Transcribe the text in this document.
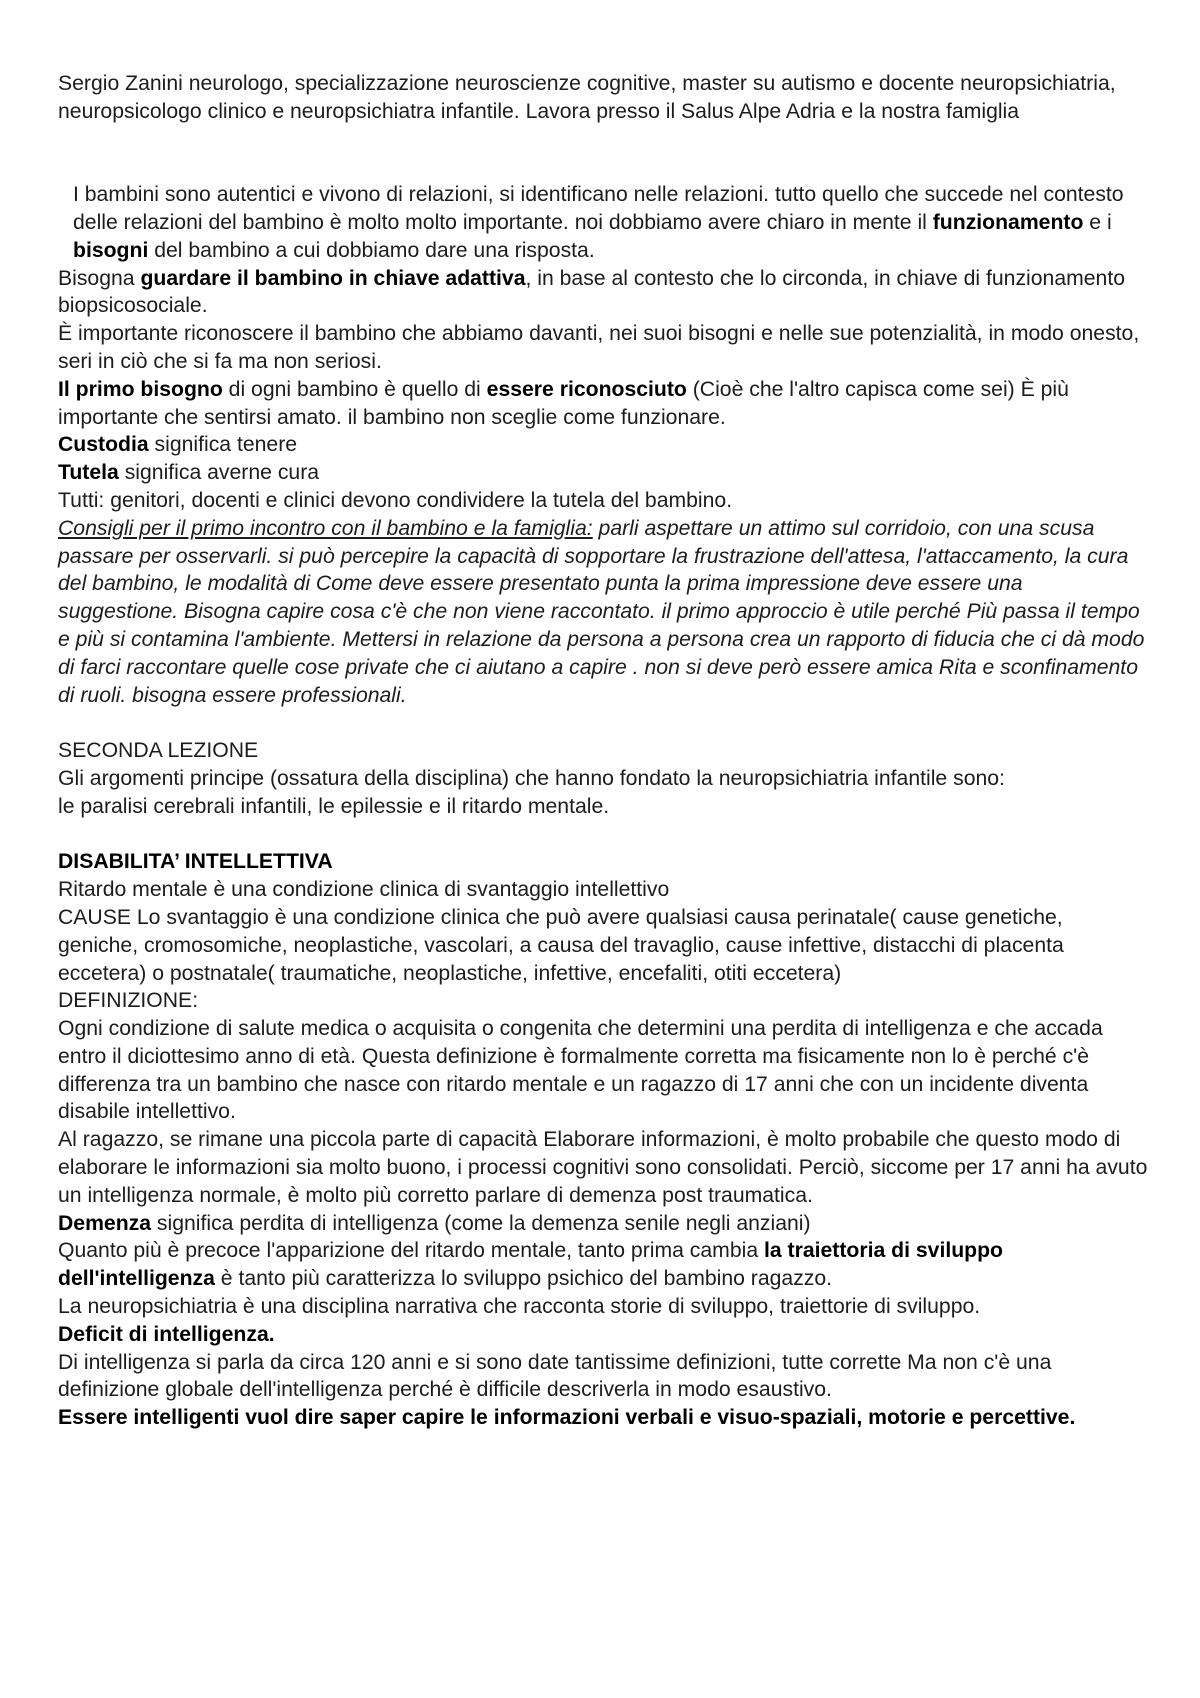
Sergio Zanini neurologo, specializzazione neuroscienze cognitive, master su autismo e docente neuropsichiatria, neuropsicologo clinico e neuropsichiatra infantile. Lavora presso il Salus Alpe Adria e la nostra famiglia

I bambini sono autentici e vivono di relazioni, si identificano nelle relazioni. tutto quello che succede nel contesto delle relazioni del bambino è molto molto importante. noi dobbiamo avere chiaro in mente il funzionamento e i bisogni del bambino a cui dobbiamo dare una risposta.

Bisogna guardare il bambino in chiave adattiva, in base al contesto che lo circonda, in chiave di funzionamento biopsicosociale.

È importante riconoscere il bambino che abbiamo davanti, nei suoi bisogni e nelle sue potenzialità, in modo onesto, seri in ciò che si fa ma non seriosi.

Il primo bisogno di ogni bambino è quello di essere riconosciuto (Cioè che l'altro capisca come sei) È più importante che sentirsi amato. il bambino non sceglie come funzionare.

Custodia significa tenere

Tutela significa averne cura

Tutti: genitori, docenti e clinici devono condividere la tutela del bambino.

Consigli per il primo incontro con il bambino e la famiglia: parli aspettare un attimo sul corridoio, con una scusa passare per osservarli. si può percepire la capacità di sopportare la frustrazione dell'attesa, l'attaccamento, la cura del bambino, le modalità di Come deve essere presentato punta la prima impressione deve essere una suggestione. Bisogna capire cosa c'è che non viene raccontato. il primo approccio è utile perché Più passa il tempo e più si contamina l'ambiente. Mettersi in relazione da persona a persona crea un rapporto di fiducia che ci dà modo di farci raccontare quelle cose private che ci aiutano a capire . non si deve però essere amica Rita e sconfinamento di ruoli. bisogna essere professionali.

SECONDA LEZIONE

Gli argomenti principe (ossatura della disciplina) che hanno fondato la neuropsichiatria infantile sono:

le paralisi cerebrali infantili, le epilessie e il ritardo mentale.

DISABILITA’ INTELLETTIVA

Ritardo mentale è una condizione clinica di svantaggio intellettivo

CAUSE Lo svantaggio è una condizione clinica che può avere qualsiasi causa perinatale( cause genetiche, geniche, cromosomiche, neoplastiche, vascolari, a causa del travaglio, cause infettive, distacchi di placenta eccetera) o postnatale( traumatiche, neoplastiche, infettive, encefaliti, otiti eccetera)

DEFINIZIONE:

Ogni condizione di salute medica o acquisita o congenita che determini una perdita di intelligenza e che accada entro il diciottesimo anno di età. Questa definizione è formalmente corretta ma fisicamente non lo è perché c'è differenza tra un bambino che nasce con ritardo mentale e un ragazzo di 17 anni che con un incidente diventa disabile intellettivo.

Al ragazzo, se rimane una piccola parte di capacità Elaborare informazioni, è molto probabile che questo modo di elaborare le informazioni sia molto buono, i processi cognitivi sono consolidati. Perciò, siccome per 17 anni ha avuto un intelligenza normale, è molto più corretto parlare di demenza post traumatica.

Demenza significa perdita di intelligenza (come la demenza senile negli anziani)

Quanto più è precoce l'apparizione del ritardo mentale, tanto prima cambia la traiettoria di sviluppo dell'intelligenza è tanto più caratterizza lo sviluppo psichico del bambino ragazzo.

La neuropsichiatria è una disciplina narrativa che racconta storie di sviluppo, traiettorie di sviluppo.

Deficit di intelligenza.

Di intelligenza si parla da circa 120 anni e si sono date tantissime definizioni, tutte corrette Ma non c'è una definizione globale dell'intelligenza perché è difficile descriverla in modo esaustivo.

Essere intelligenti vuol dire saper capire le informazioni verbali e visuo-spaziali, motorie e percettive.
